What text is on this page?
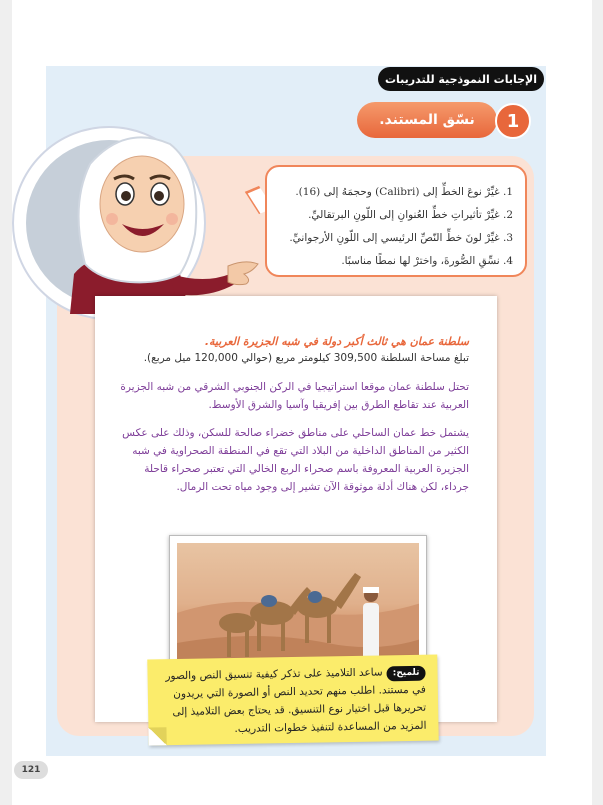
الإجابات النموذجية للتدريبات
نسّق المستند.	1
1. غيِّرْ نوعَ الخطِّ إلى (Calibri) وحجمَهُ إلى (16).
2. غيِّرْ تأثيراتِ خطِّ العُنوانِ إلى اللّونِ البرتقاليِّ.
3. غيِّرْ لونَ خطِّ النّصِّ الرئيسي إلى اللّونِ الأرجوانيِّ.
4. نسِّقِ الصُّورةَ، واخترْ لها نمطًا مناسبًا.
سلطنة عمان هي ثالث أكبر دولة في شبه الجزيرة العربية.
تبلغ مساحة السلطنة 309,500 كيلومتر مربع (حوالي 120,000 ميل مربع).
تحتل سلطنة عمان موقعا استراتيجيا في الركن الجنوبي الشرقي من شبه الجزيرة العربية عند تقاطع الطرق بين إفريقيا وآسيا والشرق الأوسط.
يشتمل خط عمان الساحلي على مناطق خضراء صالحة للسكن، وذلك على عكس الكثير من المناطق الداخلية من البلاد التي تقع في المنطقة الصحراوية في شبه الجزيرة العربية المعروفة باسم صحراء الربع الخالي التي تعتبر صحراء قاحلة جرداء، لكن هناك أدلة موثوقة الآن تشير إلى وجود مياه تحت الرمال.
تلميح:ساعد التلاميذ على تذكر كيفية تنسيق النص والصور في مستند. اطلب منهم تحديد النص أو الصورة التي يريدون تحريرها قبل اختيار نوع التنسيق. قد يحتاج بعض التلاميذ إلى المزيد من المساعدة لتنفيذ خطوات التدريب.
121
